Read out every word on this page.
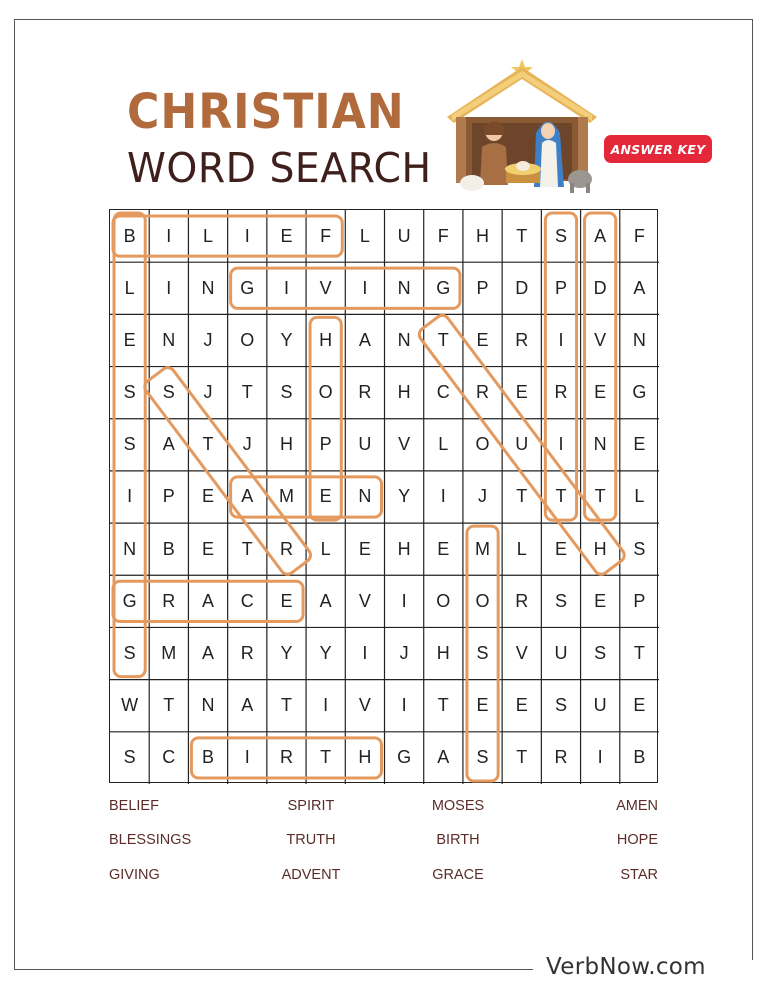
VerbNow.com
CHRISTIAN
WORD SEARCH	ANSWER KEY
B	I	L	I	E	F	L	U	F	H	T	S	A	F
L	I	N	G	I	V	I	N	G	P	D	P	D	A
E	N	J	O	Y	H	A	N	T	E	R	I	V	N
S	S	J	T	S	O	R	H	C	R	E	R	E	G
S	A	T	J	H	P	U	V	L	O	U	I	N	E
I	P	E	A	M	E	N	Y	I	J	T	T	T	L
N	B	E	T	R	L	E	H	E	M	L	E	H	S
G	R	A	C	E	A	V	I	O	O	R	S	E	P
S	M	A	R	Y	Y	I	J	H	S	V	U	S	T
W	T	N	A	T	I	V	I	T	E	E	S	U	E
S	C	B	I	R	T	H	G	A	S	T	R	I	B
BELIEF	SPIRIT	MOSES	AMEN
BLESSINGS	TRUTH	BIRTH	HOPE
GIVING	ADVENT	GRACE	STAR
